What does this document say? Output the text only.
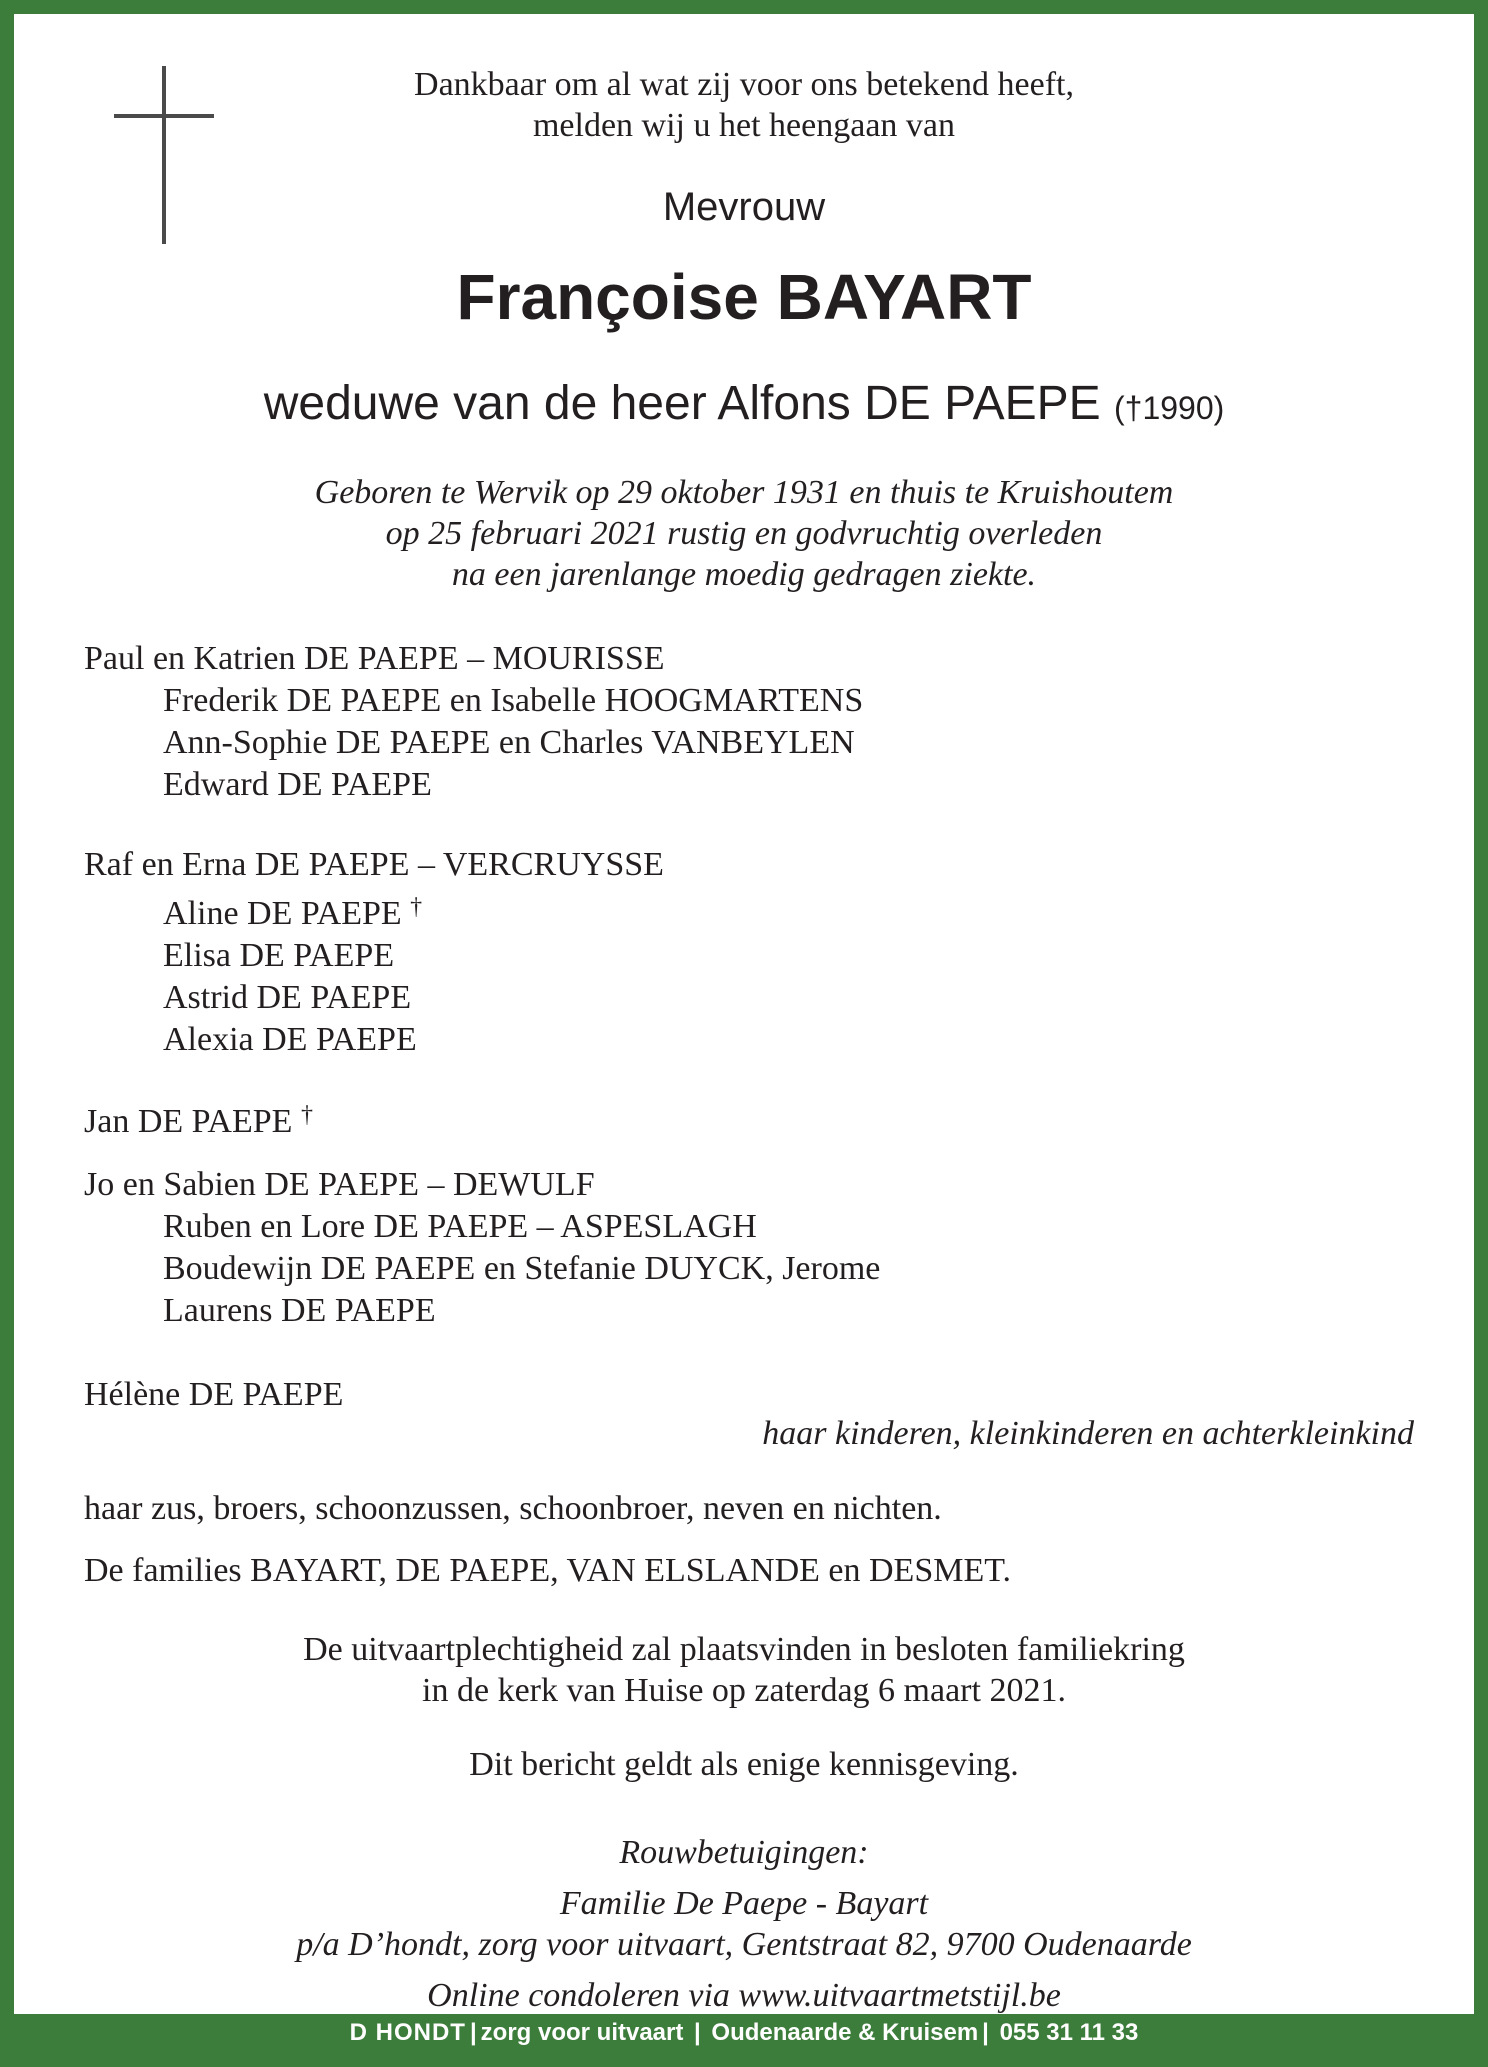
Dankbaar om al wat zij voor ons betekend heeft,
melden wij u het heengaan van
Mevrouw
Françoise BAYART
weduwe van de heer Alfons DE PAEPE (†1990)
Geboren te Wervik op 29 oktober 1931 en thuis te Kruishoutem
op 25 februari 2021 rustig en godvruchtig overleden
na een jarenlange moedig gedragen ziekte.

Paul en Katrien DE PAEPE – MOURISSE

Frederik DE PAEPE en Isabelle HOOGMARTENS

Ann-Sophie DE PAEPE en Charles VANBEYLEN

Edward DE PAEPE

Raf en Erna DE PAEPE – VERCRUYSSE

Aline DE PAEPE †

Elisa DE PAEPE

Astrid DE PAEPE

Alexia DE PAEPE

Jan DE PAEPE †

Jo en Sabien DE PAEPE – DEWULF

Ruben en Lore DE PAEPE – ASPESLAGH

Boudewijn DE PAEPE en Stefanie DUYCK, Jerome

Laurens DE PAEPE

Hélène DE PAEPE

haar kinderen, kleinkinderen en achterkleinkind
haar zus, broers, schoonzussen, schoonbroer, neven en nichten.
De families BAYART, DE PAEPE, VAN ELSLANDE en DESMET.
De uitvaartplechtigheid zal plaatsvinden in besloten familiekring
in de kerk van Huise op zaterdag 6 maart 2021.
Dit bericht geldt als enige kennisgeving.
Rouwbetuigingen:
Familie De Paepe - Bayart
p/a D’hondt, zorg voor uitvaart, Gentstraat 82, 9700 Oudenaarde
Online condoleren via www.uitvaartmetstijl.be
D HONDT | zorg voor uitvaart | Oudenaarde & Kruisem | 055 31 11 33
